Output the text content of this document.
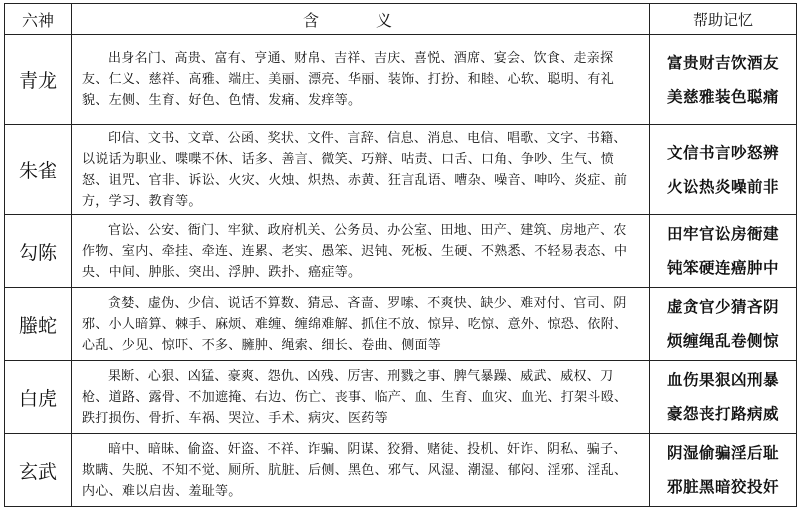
六神	含 义	帮助记忆
青龙	出身名门、高贵、富有、亨通、财帛、吉祥、吉庆、喜悦、酒席、宴会、饮食、走亲探友、仁义、慈祥、高雅、端庄、美丽、漂亮、华丽、装饰、打扮、和睦、心软、聪明、有礼貌、左侧、生育、好色、色情、发痛、发痒等。	富贵财吉饮酒友
美慈雅装色聪痛

朱雀	印信、文书、文章、公函、奖状、文件、言辞、信息、消息、电信、唱歌、文字、书籍、以说话为职业、喋喋不休、话多、善言、微笑、巧辩、咕责、口舌、口角、争吵、生气、愤怒、诅咒、官非、诉讼、火灾、火烛、炽热、赤黄、狂言乱语、嘈杂、噪音、呻吟、炎症、前方，学习、教育等。	文信书言吵怒辨
火讼热炎噪前非

勾陈	官讼、公安、衙门、牢狱、政府机关、公务员、办公室、田地、田产、建筑、房地产、农作物、室内、牵挂、牵连、连累、老实、愚笨、迟钝、死板、生硬、不熟悉、不轻易表态、中央、中间、肿胀、突出、浮肿、跌扑、癌症等。	田牢官讼房衙建
钝笨硬连癌肿中

螣蛇	贪婪、虚伪、少信、说话不算数、猜忌、吝啬、罗嗦、不爽快、缺少、难对付、官司、阴邪、小人暗算、棘手、麻烦、难缠、缠绵难解、抓住不放、惊异、吃惊、意外、惊恐、依附、心乱、少见、惊吓、不多、臃肿、绳索、细长、卷曲、侧面等	虚贪官少猜吝阴
烦缠绳乱卷侧惊

白虎	果断、心狠、凶猛、豪爽、怨仇、凶残、厉害、刑戮之事、脾气暴躁、威武、威权、刀枪、道路、露骨、不加遮掩、右边、伤亡、丧事、临产、血、生育、血灾、血光、打架斗殴、跌打损伤、骨折、车祸、哭泣、手术、病灾、医药等	血伤果狠凶刑暴
豪怨丧打路病威

玄武	暗中、暗昧、偷盗、奸盗、不祥、诈骗、阴谋、狡猾、赌徒、投机、奸诈、阴私、骗子、欺瞒、失脱、不知不觉、厕所、肮脏、后侧、黑色、邪气、风湿、潮湿、郁闷、淫邪、淫乱、内心、难以启齿、羞耻等。	阴湿偷骗淫后耻
邪脏黑暗狡投奸
